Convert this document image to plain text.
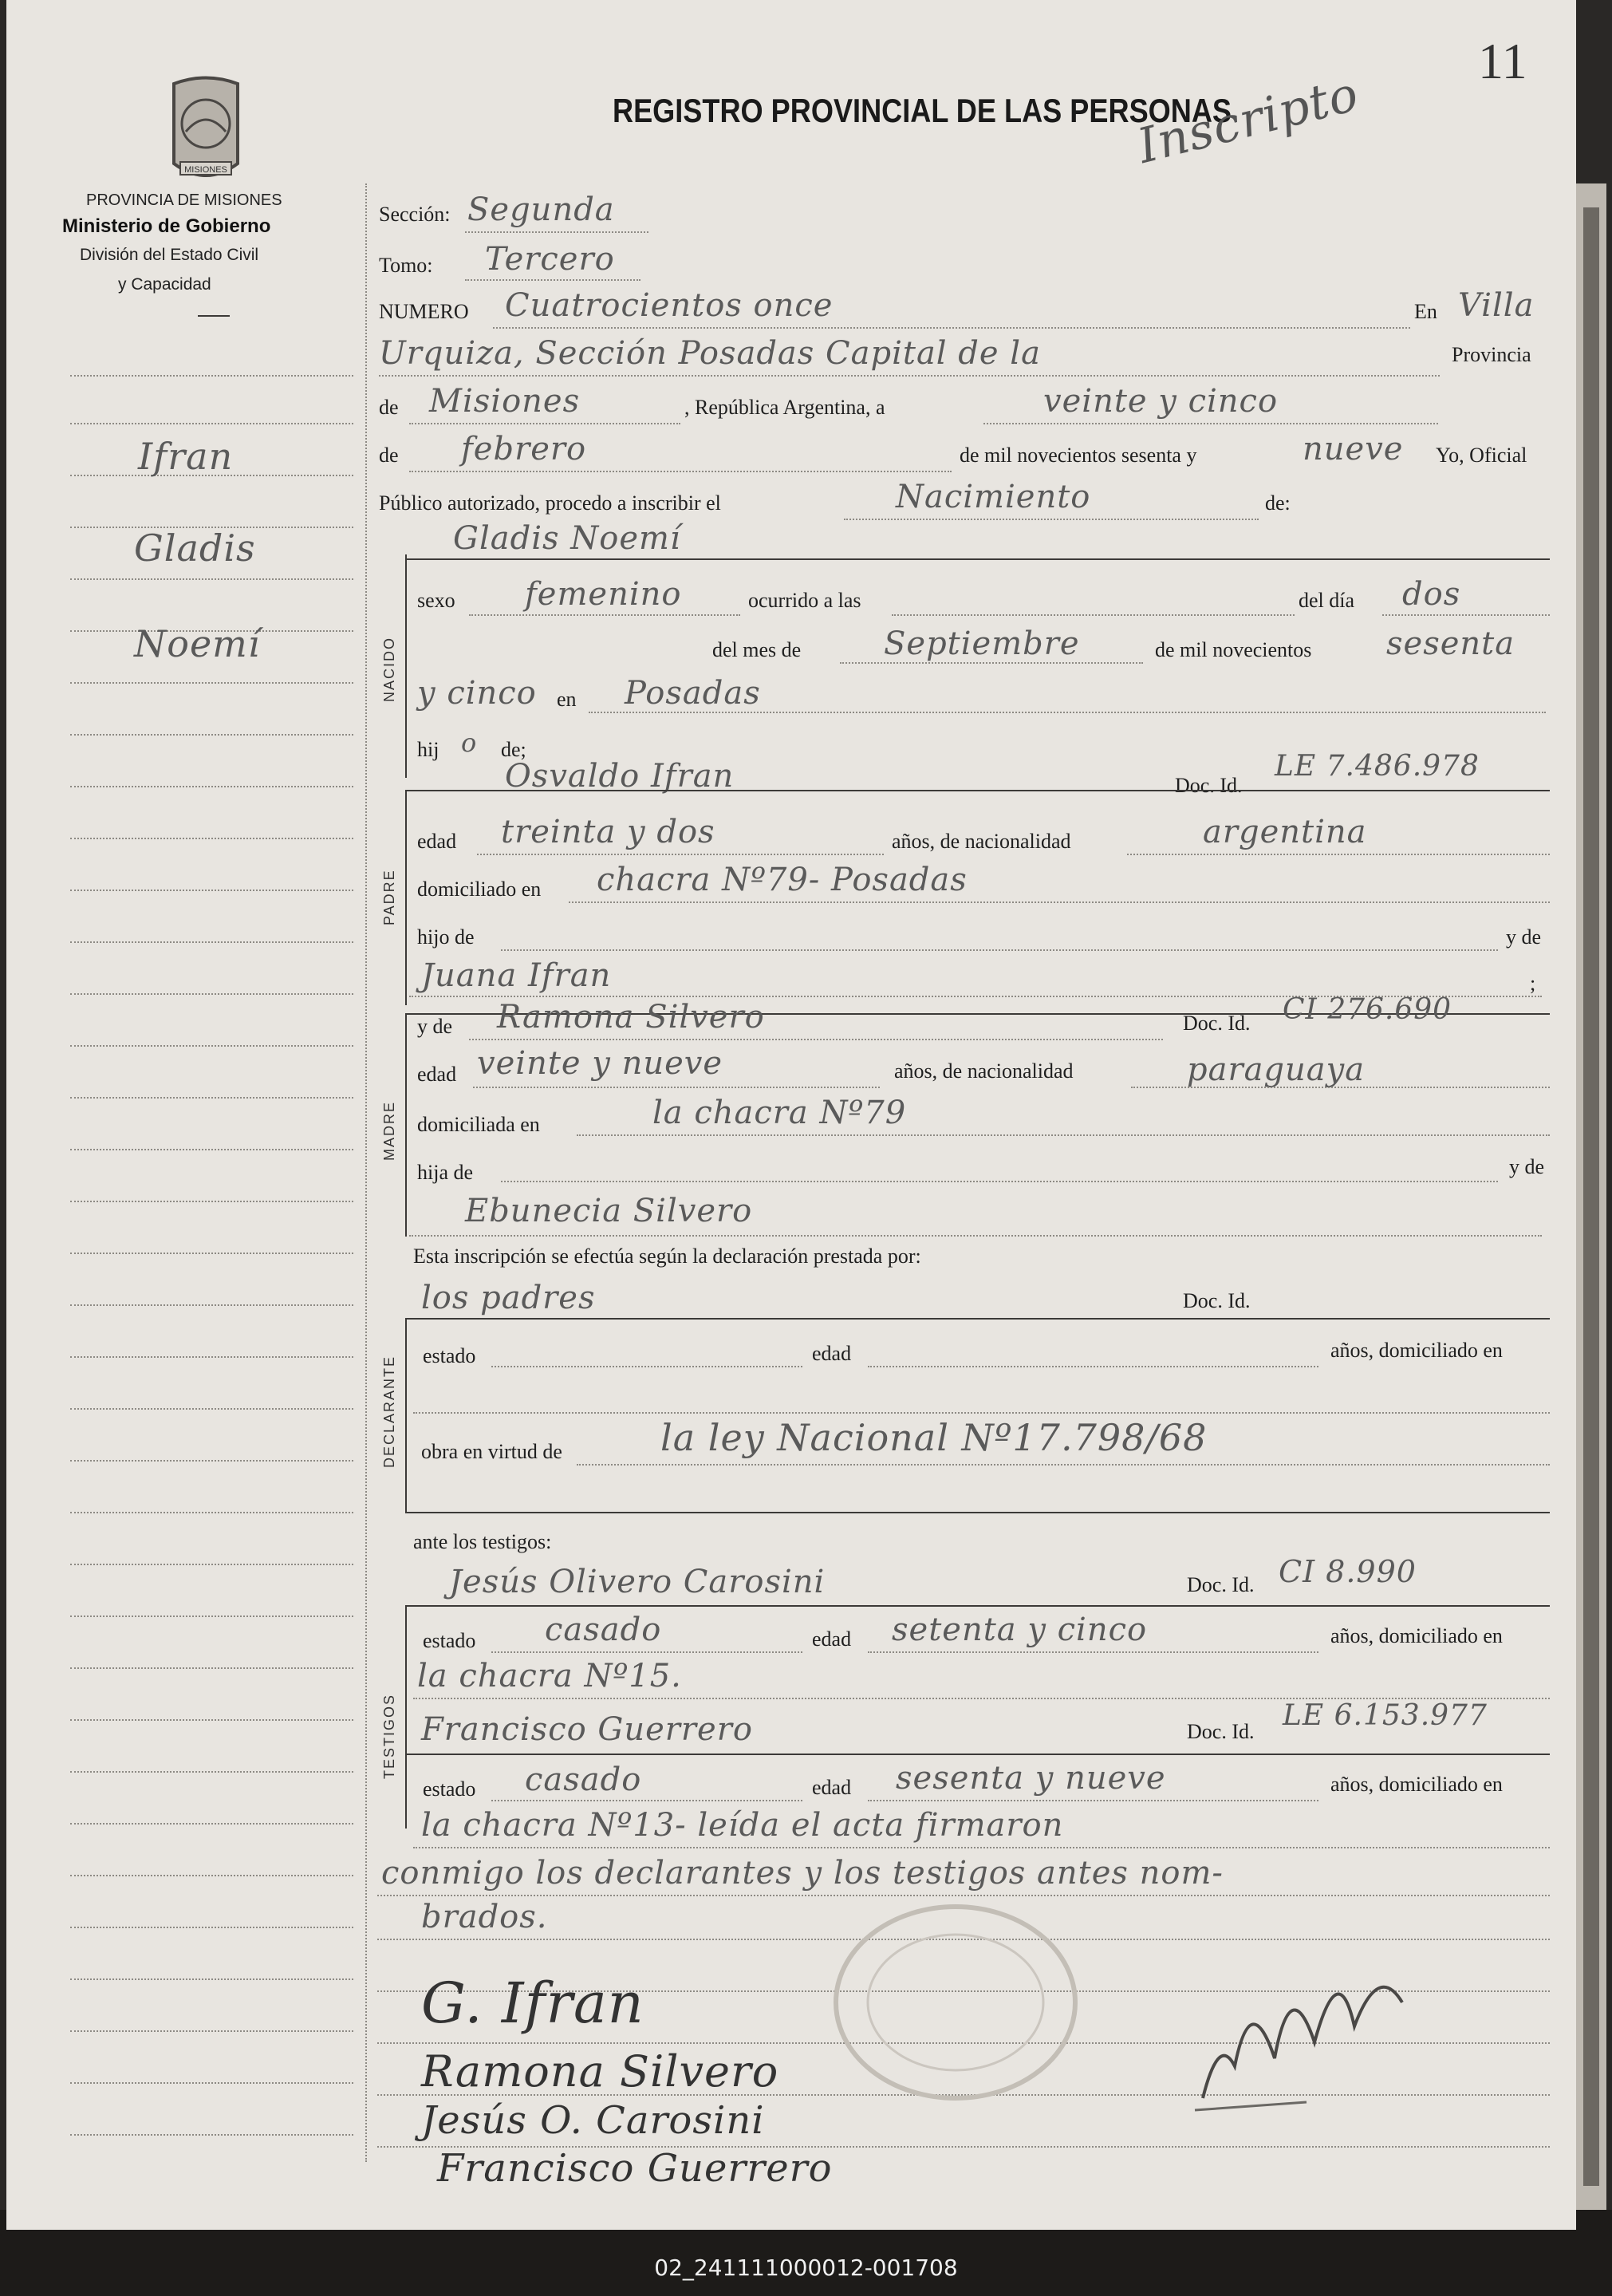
11
MISIONES
PROVINCIA DE MISIONES
Ministerio de Gobierno
División del Estado Civil
y Capacidad
REGISTRO PROVINCIAL DE LAS PERSONAS
Inscripto
Ifran
Gladis
Noemí
Sección: Segunda
Tomo: Tercero
NUMERO Cuatrocientos once	En Villa
Urquiza, Sección Posadas Capital de la	Provincia
de Misiones	, República Argentina, a	veinte y cinco
de febrero	de mil novecientos sesenta y	nueve Yo, Oficial
Público autorizado, procedo a inscribir el	Nacimiento	de:
NACIDO
Gladis Noemí
sexo femenino	ocurrido a las	del día dos
del mes de	Septiembre	de mil novecientos sesenta
y cinco en Posadas
hij o de;
PADRE
Osvaldo Ifran	Doc. Id.
LE 7.486.978
edad treinta y dos	años, de nacionalidad	argentina
domiciliado en chacra Nº79- Posadas
hijo de	y de
Juana Ifran	;
MADRE
y de Ramona Silvero	Doc. Id. CI 276.690
edad veinte y nueve	años, de nacionalidad	paraguaya
domiciliada en	la chacra Nº79
hija de	y de
Ebunecia Silvero
Esta inscripción se efectúa según la declaración prestada por:
los padres	Doc. Id.
DECLARANTE estado	edad	años, domiciliado en
obra en virtud de	la ley Nacional Nº17.798/68
ante los testigos:
Jesús Olivero Carosini	Doc. Id. CI 8.990
TESTIGOS
estado casado	edad setenta y cinco	años, domiciliado en
la chacra Nº15.
Francisco Guerrero	Doc. Id. LE 6.153.977
estado casado	edad sesenta y nueve	años, domiciliado en
la chacra Nº13- leída el acta firmaron
conmigo los declarantes y los testigos antes nom-
brados.
G. Ifran
Ramona Silvero
Jesús O. Carosini
Francisco Guerrero
02_241111000012-001708
